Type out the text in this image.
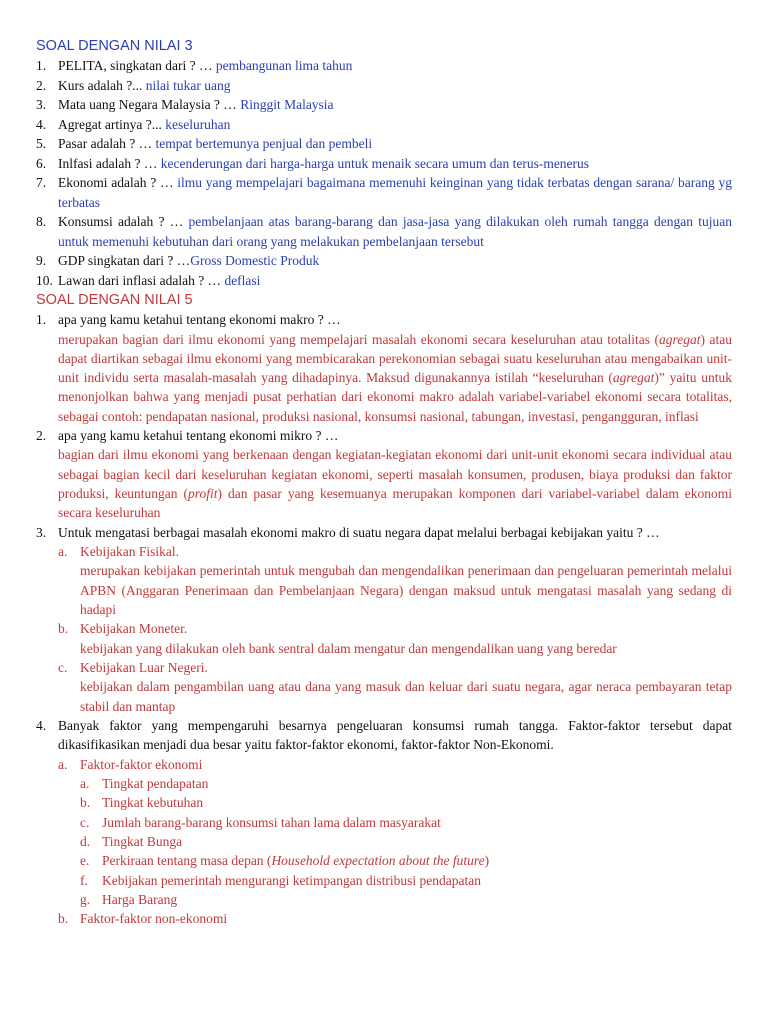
SOAL DENGAN NILAI 3
1. PELITA, singkatan dari ? … pembangunan lima tahun
2. Kurs adalah ?... nilai tukar uang
3. Mata uang Negara Malaysia ? … Ringgit Malaysia
4. Agregat artinya ?... keseluruhan
5. Pasar adalah ? … tempat bertemunya penjual dan pembeli
6. Inlfasi adalah ? … kecenderungan dari harga-harga untuk menaik secara umum dan terus-menerus
7. Ekonomi adalah ? … ilmu yang mempelajari bagaimana memenuhi keinginan yang tidak terbatas dengan sarana/ barang yg terbatas
8. Konsumsi adalah ? … pembelanjaan atas barang-barang dan jasa-jasa yang dilakukan oleh rumah tangga dengan tujuan untuk memenuhi kebutuhan dari orang yang melakukan pembelanjaan tersebut
9. GDP singkatan dari ? …Gross Domestic Produk
10. Lawan dari inflasi adalah ? … deflasi
SOAL DENGAN NILAI 5
1. apa yang kamu ketahui tentang ekonomi makro ? …
merupakan bagian dari ilmu ekonomi yang mempelajari masalah ekonomi secara keseluruhan atau totalitas (agregat) atau dapat diartikan sebagai ilmu ekonomi yang membicarakan perekonomian sebagai suatu keseluruhan atau mengabaikan unit-unit individu serta masalah-masalah yang dihadapinya. Maksud digunakannya istilah “keseluruhan (agregat)” yaitu untuk menonjolkan bahwa yang menjadi pusat perhatian dari ekonomi makro adalah variabel-variabel ekonomi secara totalitas, sebagai contoh: pendapatan nasional, produksi nasional, konsumsi nasional, tabungan, investasi, pengangguran, inflasi
2. apa yang kamu ketahui tentang ekonomi mikro ? …
bagian dari ilmu ekonomi yang berkenaan dengan kegiatan-kegiatan ekonomi dari unit-unit ekonomi secara individual atau sebagai bagian kecil dari keseluruhan kegiatan ekonomi, seperti masalah konsumen, produsen, biaya produksi dan faktor produksi, keuntungan (profit) dan pasar yang kesemuanya merupakan komponen dari variabel-variabel dalam ekonomi secara keseluruhan
3. Untuk mengatasi berbagai masalah ekonomi makro di suatu negara dapat melalui berbagai kebijakan yaitu ? …
a. Kebijakan Fisikal.
merupakan kebijakan pemerintah untuk mengubah dan mengendalikan penerimaan dan pengeluaran pemerintah melalui APBN (Anggaran Penerimaan dan Pembelanjaan Negara) dengan maksud untuk mengatasi masalah yang sedang di hadapi
b. Kebijakan Moneter.
kebijakan yang dilakukan oleh bank sentral dalam mengatur dan mengendalikan uang yang beredar
c. Kebijakan Luar Negeri.
kebijakan dalam pengambilan uang atau dana yang masuk dan keluar dari suatu negara, agar neraca pembayaran tetap stabil dan mantap
4. Banyak faktor yang mempengaruhi besarnya pengeluaran konsumsi rumah tangga. Faktor-faktor tersebut dapat dikasifikasikan menjadi dua besar yaitu faktor-faktor ekonomi, faktor-faktor Non-Ekonomi.
a. Faktor-faktor ekonomi
a. Tingkat pendapatan
b. Tingkat kebutuhan
c. Jumlah barang-barang konsumsi tahan lama dalam masyarakat
d. Tingkat Bunga
e. Perkiraan tentang masa depan (Household expectation about the future)
f.	Kebijakan pemerintah mengurangi ketimpangan distribusi pendapatan
g. Harga Barang
b. Faktor-faktor non-ekonomi
